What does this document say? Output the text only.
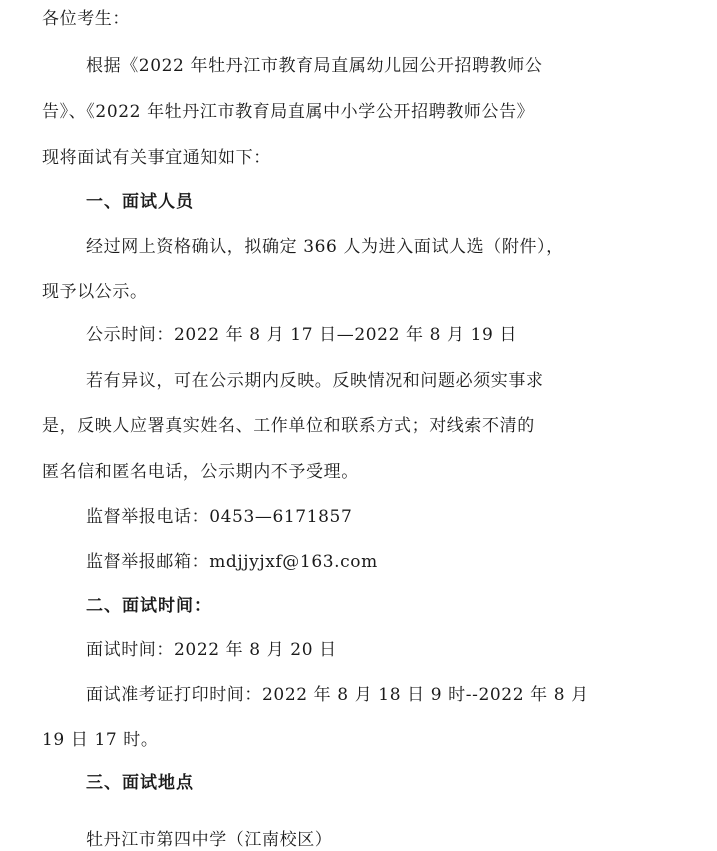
各位考生：
根据《2022 年牡丹江市教育局直属幼儿园公开招聘教师公
告》、《2022 年牡丹江市教育局直属中小学公开招聘教师公告》
现将面试有关事宜通知如下：
一、面试人员
经过网上资格确认，拟确定 366 人为进入面试人选（附件），
现予以公示。
公示时间：2022 年 8 月 17 日—2022 年 8 月 19 日
若有异议，可在公示期内反映。反映情况和问题必须实事求
是，反映人应署真实姓名、工作单位和联系方式；对线索不清的
匿名信和匿名电话，公示期内不予受理。
监督举报电话：0453—6171857
监督举报邮箱：mdjjyjxf@163.com
二、面试时间：
面试时间：2022 年 8 月 20 日
面试准考证打印时间：2022 年 8 月 18 日 9 时--2022 年 8 月
19 日 17 时。
三、面试地点
牡丹江市第四中学（江南校区）
